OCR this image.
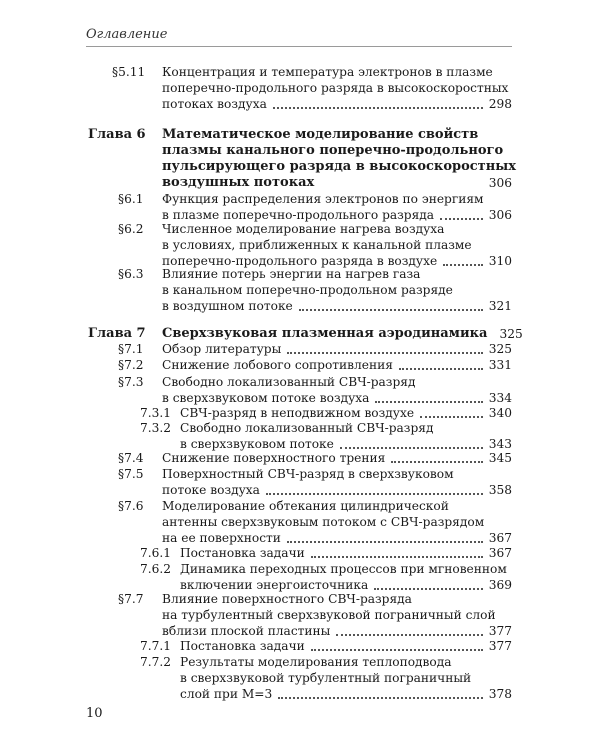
Оглавление
§5.11 Концентрация и температура электронов в плазме
поперечно-продольного разряда в высокоскоростных
потоках воздуха	298
Глава 6 Математическое моделирование свойств
плазмы канального поперечно-продольного
пульсирующего разряда в высокоскоростных
воздушных потоках	306
§6.1 Функция распределения электронов по энергиям
в плазме поперечно-продольного разряда	306
§6.2 Численное моделирование нагрева воздуха
в условиях, приближенных к канальной плазме
поперечно-продольного разряда в воздухе	310
§6.3 Влияние потерь энергии на нагрев газа
в канальном поперечно-продольном разряде
в воздушном потоке	321
Глава 7 Сверхзвуковая плазменная аэродинамика 325
§7.1 Обзор литературы	325
§7.2 Снижение лобового сопротивления	331
§7.3 Свободно локализованный СВЧ-разряд
в сверхзвуковом потоке воздуха	334
7.3.1 СВЧ-разряд в неподвижном воздухе	340
7.3.2 Свободно локализованный СВЧ-разряд
в сверхзвуковом потоке	343
§7.4 Снижение поверхностного трения	345
§7.5 Поверхностный СВЧ-разряд в сверхзвуковом
потоке воздуха	358
§7.6 Моделирование обтекания цилиндрической
антенны сверхзвуковым потоком с СВЧ-разрядом
на ее поверхности	367
7.6.1 Постановка задачи	367
7.6.2 Динамика переходных процессов при мгновенном
включении энергоисточника	369
§7.7 Влияние поверхностного СВЧ-разряда
на турбулентный сверхзвуковой пограничный слой
вблизи плоской пластины	377
7.7.1 Постановка задачи	377
7.7.2 Результаты моделирования теплоподвода
в сверхзвуковой турбулентный пограничный
слой при M=3	378
10
